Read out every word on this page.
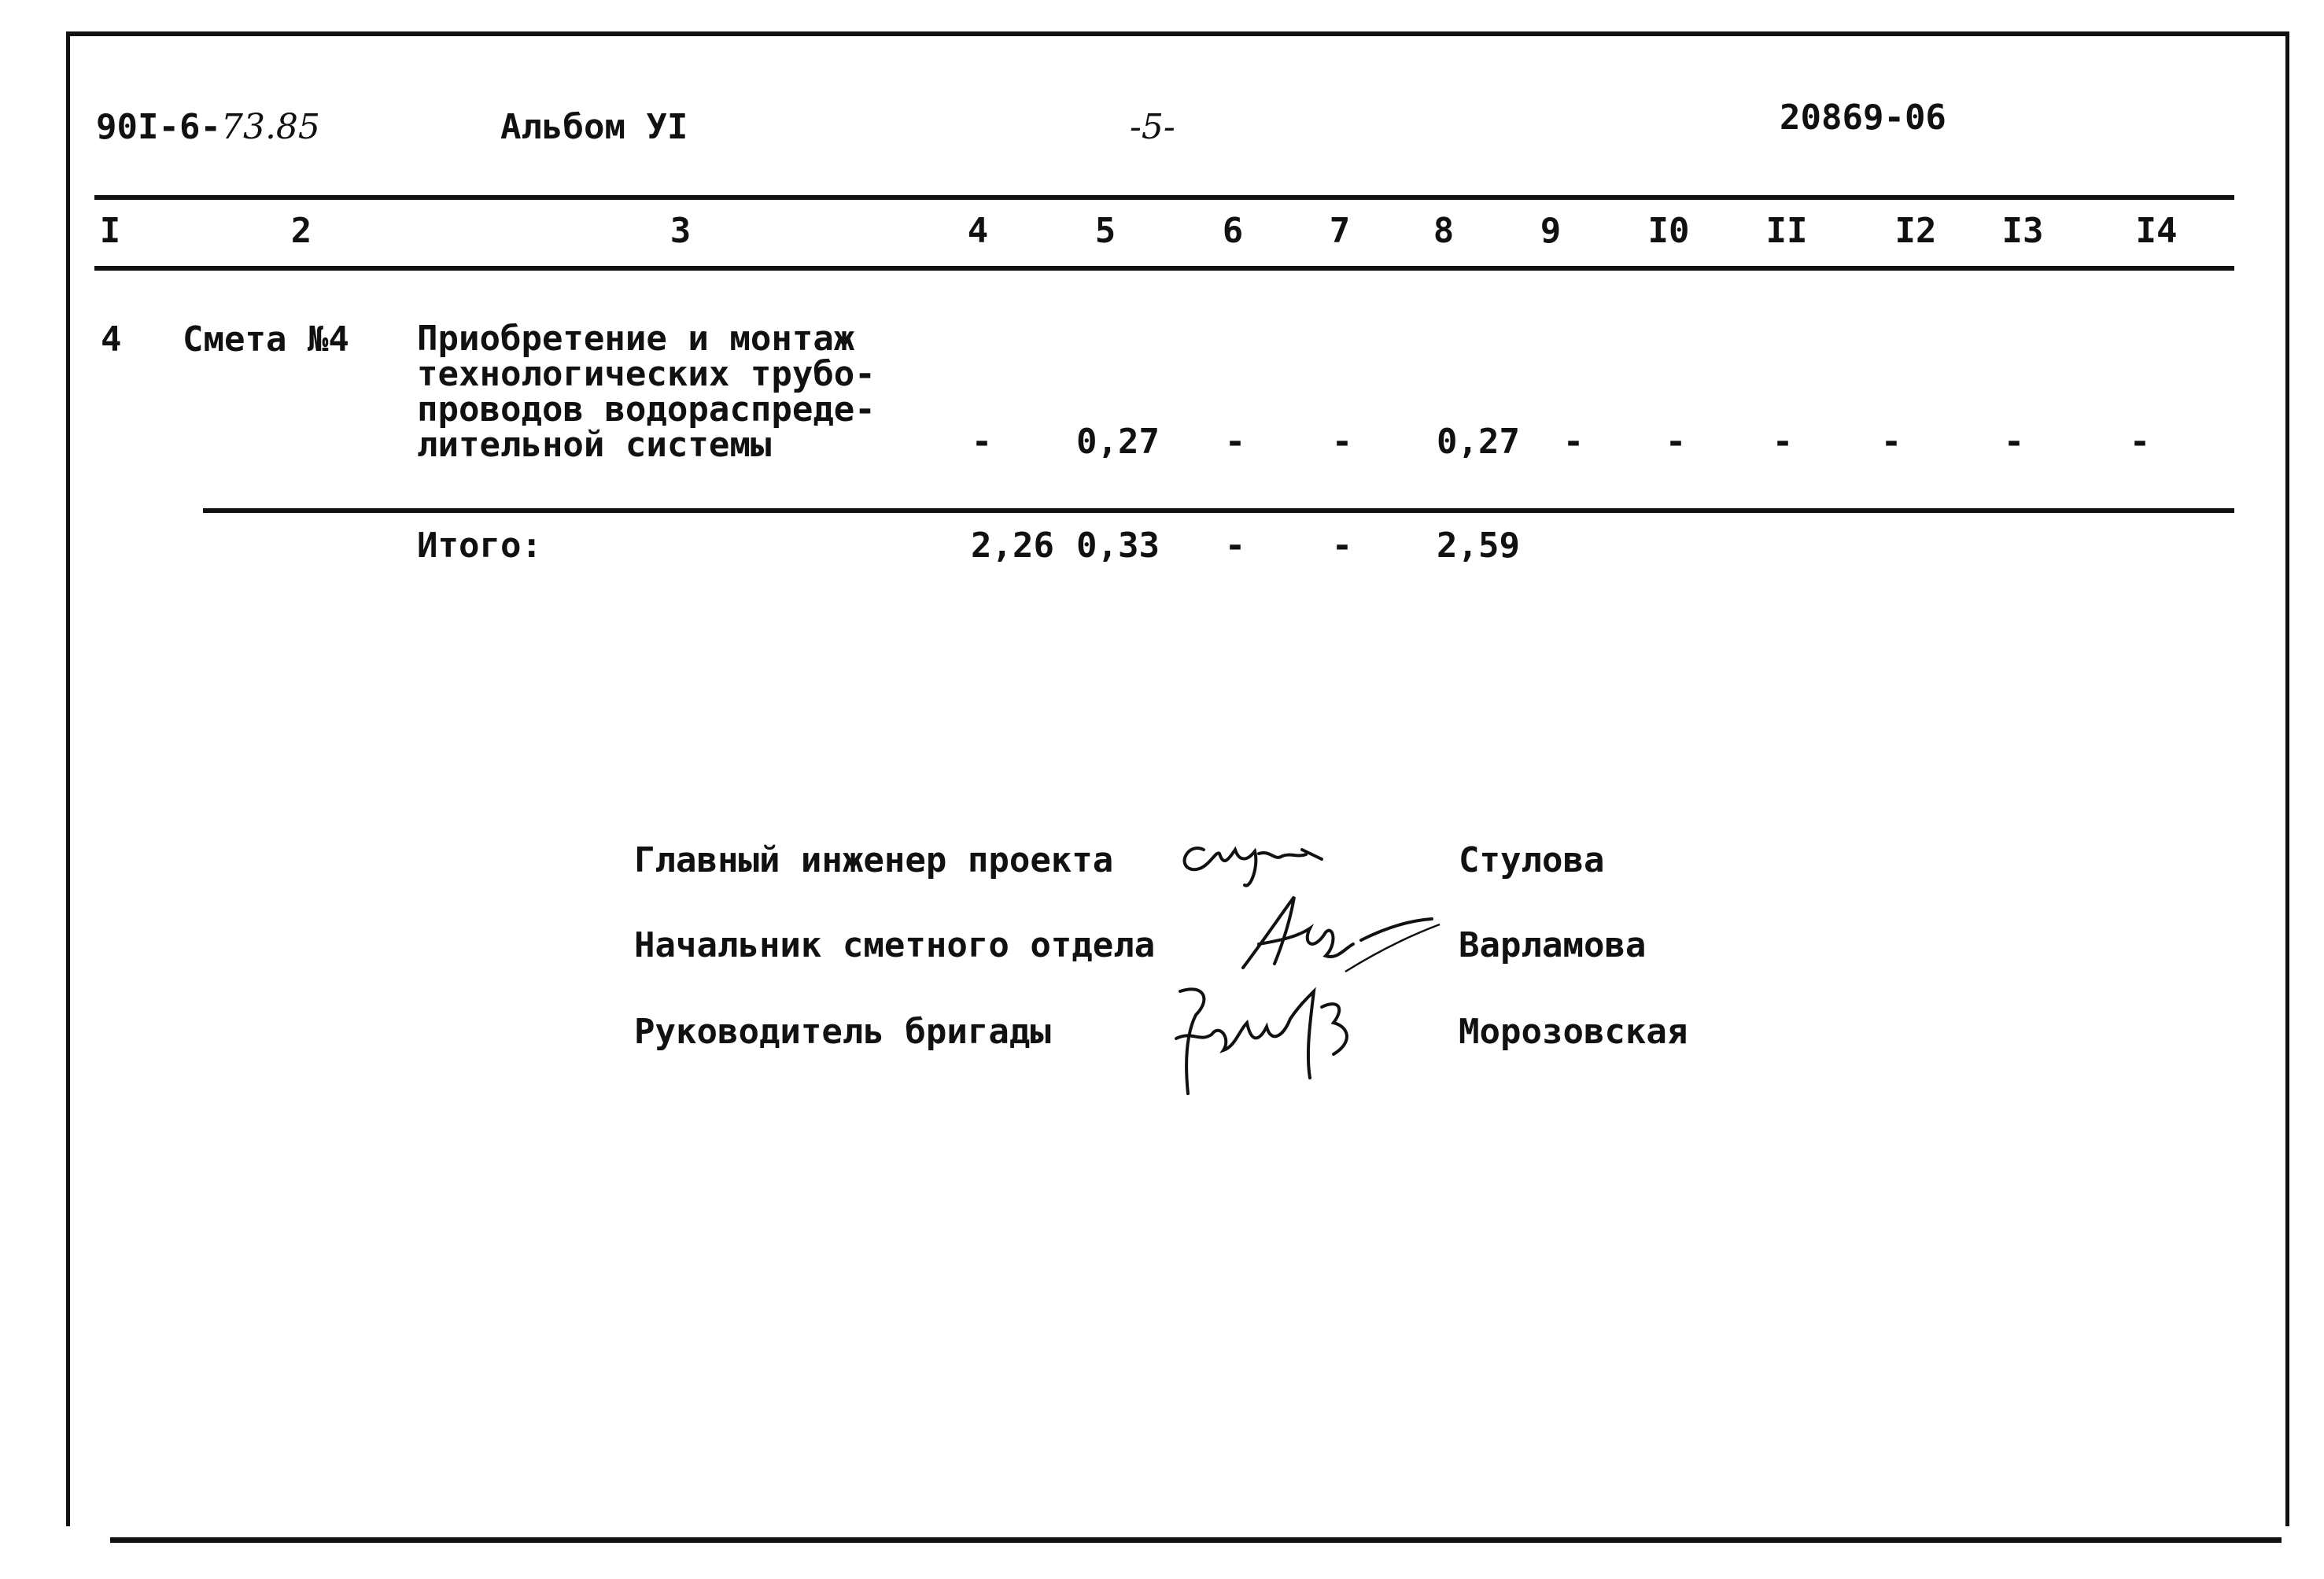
90I-6-73.85	Альбом УI	-5-	20869-06
I	2	3	4	5	6 7 8 9	I0 II	I2 I3	I4
4 Смета №4 Приобретение и монтаж
технологических трубо-
проводов водораспреде-
лительной системы	-	0,27	-	-	0,27	-	-	-	-	-	-
Итого:	2,26 0,33	-	-	2,59
Главный инженер проекта	Стулова
Начальник сметного отдела	Варламова
Руководитель бригады	Морозовская
